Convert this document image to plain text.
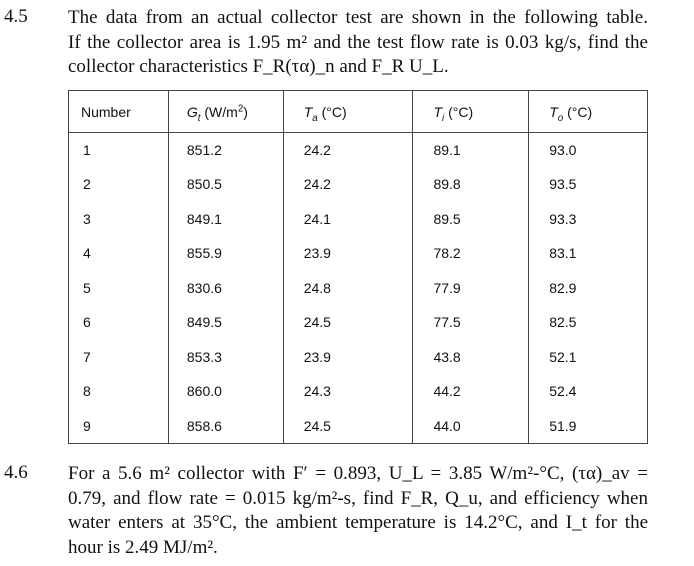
4.5 The data from an actual collector test are shown in the following table.
If the collector area is 1.95 m² and the test flow rate is 0.03 kg/s, find the
collector characteristics F_R(τα)_n and F_R U_L.
Number	$G_t$ $(W/m^2)$	$T_a$ (°C)	$T_i$ (°C)	$T_o$ (°C)
1	851.2	24.2	89.1	93.0
2	850.5	24.2	89.8	93.5
3	849.1	24.1	89.5	93.3
4	855.9	23.9	78.2	83.1
5	830.6	24.8	77.9	82.9
6	849.5	24.5	77.5	82.5
7	853.3	23.9	43.8	52.1
8	860.0	24.3	44.2	52.4
9	858.6	24.5	44.0	51.9
4.6 For a 5.6 m² collector with F′ = 0.893, U_L = 3.85 W/m²-°C, (τα)_av =
0.79, and flow rate = 0.015 kg/m²-s, find F_R, Q_u, and efficiency when
water enters at 35°C, the ambient temperature is 14.2°C, and I_t for the
hour is 2.49 MJ/m².
